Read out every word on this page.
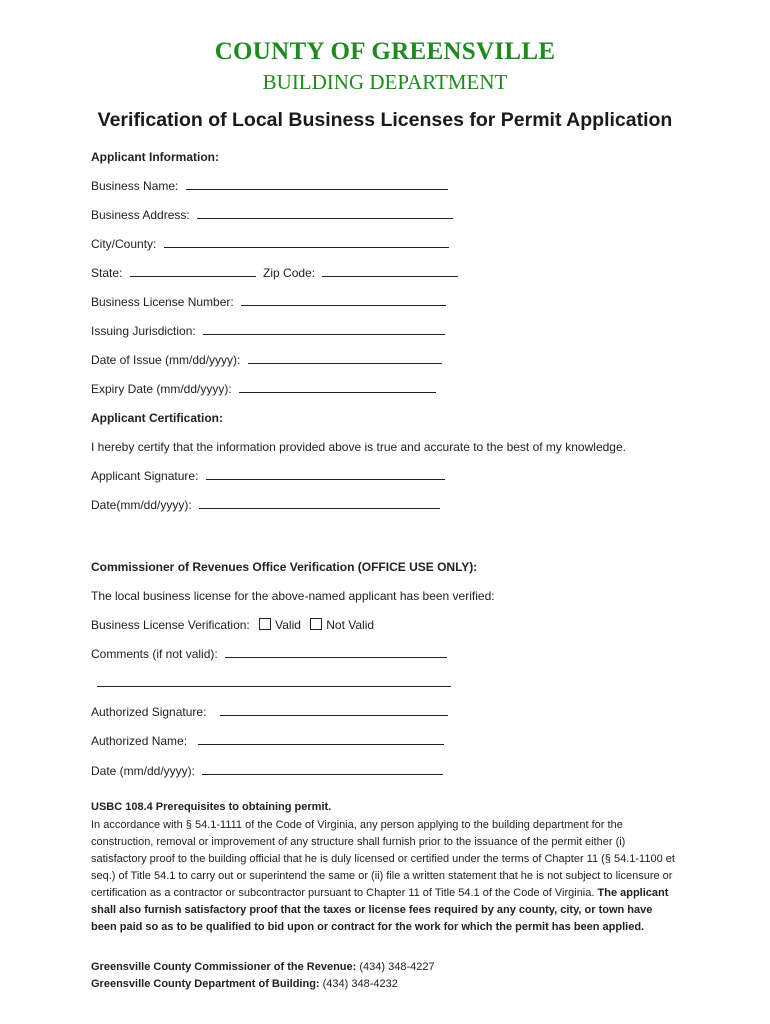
COUNTY OF GREENSVILLE
BUILDING DEPARTMENT
Verification of Local Business Licenses for Permit Application
Applicant Information:
Business Name:
Business Address:
City/County:
State:	Zip Code:
Business License Number:
Issuing Jurisdiction:
Date of Issue (mm/dd/yyyy):
Expiry Date (mm/dd/yyyy):
Applicant Certification:
I hereby certify that the information provided above is true and accurate to the best of my knowledge.
Applicant Signature:
Date(mm/dd/yyyy):
Commissioner of Revenues Office Verification (OFFICE USE ONLY):
The local business license for the above-named applicant has been verified:
Business License Verification: Valid Not Valid
Comments (if not valid):
Authorized Signature:
Authorized Name:
Date (mm/dd/yyyy):
USBC 108.4 Prerequisites to obtaining permit.
In accordance with § 54.1-1111 of the Code of Virginia, any person applying to the building department for the construction, removal or improvement of any structure shall furnish prior to the issuance of the permit either (i) satisfactory proof to the building official that he is duly licensed or certified under the terms of Chapter 11 (§ 54.1-1100 et seq.) of Title 54.1 to carry out or superintend the same or (ii) file a written statement that he is not subject to licensure or certification as a contractor or subcontractor pursuant to Chapter 11 of Title 54.1 of the Code of Virginia. The applicant shall also furnish satisfactory proof that the taxes or license fees required by any county, city, or town have been paid so as to be qualified to bid upon or contract for the work for which the permit has been applied.
Greensville County Commissioner of the Revenue: (434) 348-4227
Greensville County Department of Building: (434) 348-4232
